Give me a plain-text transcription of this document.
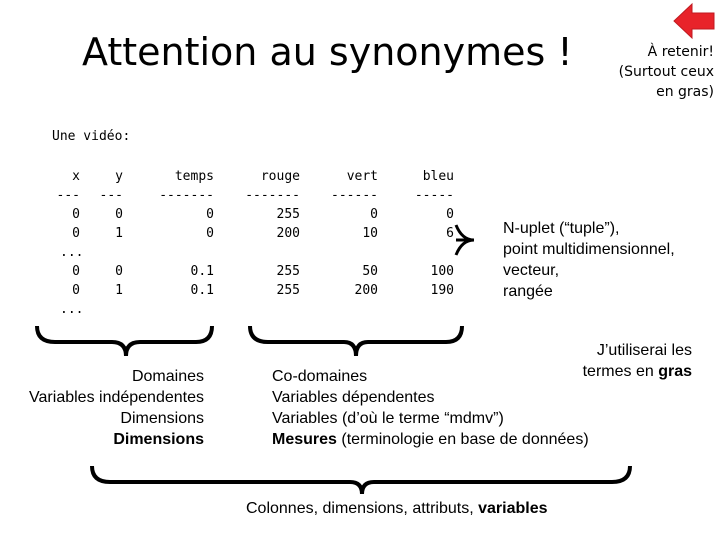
Attention au synonymes !	À retenir!
(Surtout ceux
en gras)
Une vidéo:
x	y	temps	rouge	vert	bleu
--- ---	------- ------- ------	-----
0	0	0	255	0	0
0	1	0	200	10	6
...
0	0	0.1	255	50	100
0	1	0.1	255	200	190
...
N-uplet (“tuple”),
point multidimensionnel,
vecteur,
rangée
J’utiliserai les
termes en gras
Domaines
Variables indépendentes
Dimensions
Dimensions
Co-domaines
Variables dépendentes
Variables (d’où le terme “mdmv”)
Mesures (terminologie en base de données)
Colonnes, dimensions, attributs, variables
